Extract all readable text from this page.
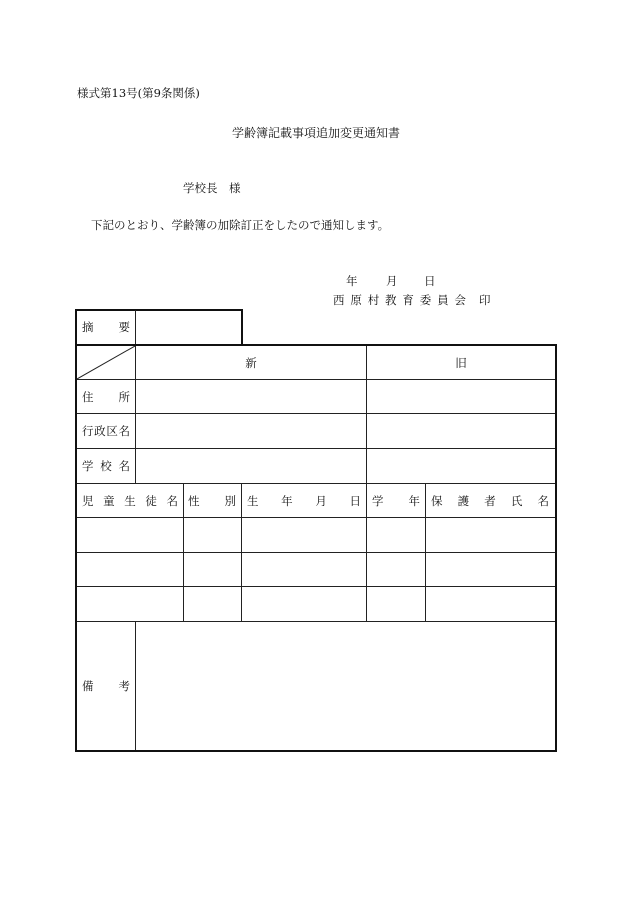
様式第13号(第9条関係)
学齢簿記載事項追加変更通知書
学校長　様
下記のとおり、学齢簿の加除訂正をしたので通知します。
年 月 日
西 原 村 教 育 委 員 会 印
摘 要
新	旧
住 所
行 政 区 名
学 校 名
児 童 生 徒 名 性 別 生 年 月 日 学 年 保 護 者 氏 名
備 考
